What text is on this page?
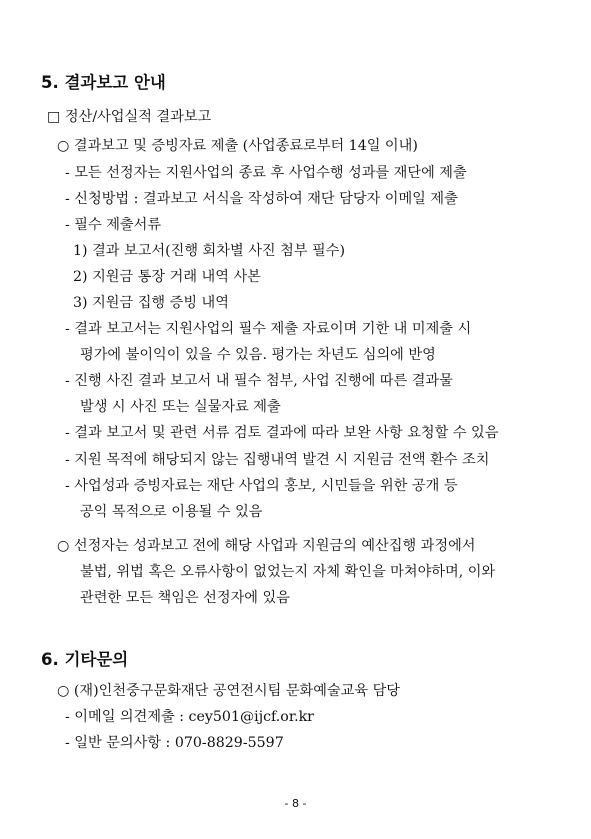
5. 결과보고 안내
□ 정산/사업실적 결과보고
○ 결과보고 및 증빙자료 제출 (사업종료로부터 14일 이내)
- 모든 선정자는 지원사업의 종료 후 사업수행 성과를 재단에 제출
- 신청방법 : 결과보고 서식을 작성하여 재단 담당자 이메일 제출
- 필수 제출서류
1) 결과 보고서(진행 회차별 사진 첨부 필수)
2) 지원금 통장 거래 내역 사본
3) 지원금 집행 증빙 내역
- 결과 보고서는 지원사업의 필수 제출 자료이며 기한 내 미제출 시
평가에 불이익이 있을 수 있음. 평가는 차년도 심의에 반영
- 진행 사진 결과 보고서 내 필수 첨부, 사업 진행에 따른 결과물
발생 시 사진 또는 실물자료 제출
- 결과 보고서 및 관련 서류 검토 결과에 따라 보완 사항 요청할 수 있음
- 지원 목적에 해당되지 않는 집행내역 발견 시 지원금 전액 환수 조치
- 사업성과 증빙자료는 재단 사업의 홍보, 시민들을 위한 공개 등
공익 목적으로 이용될 수 있음
○ 선정자는 성과보고 전에 해당 사업과 지원금의 예산집행 과정에서
불법, 위법 혹은 오류사항이 없었는지 자체 확인을 마쳐야하며, 이와
관련한 모든 책임은 선정자에 있음
6. 기타문의
○ (재)인천중구문화재단 공연전시팀 문화예술교육 담당
- 이메일 의견제출 : cey501@ijcf.or.kr
- 일반 문의사항 : 070-8829-5597
- 8 -
